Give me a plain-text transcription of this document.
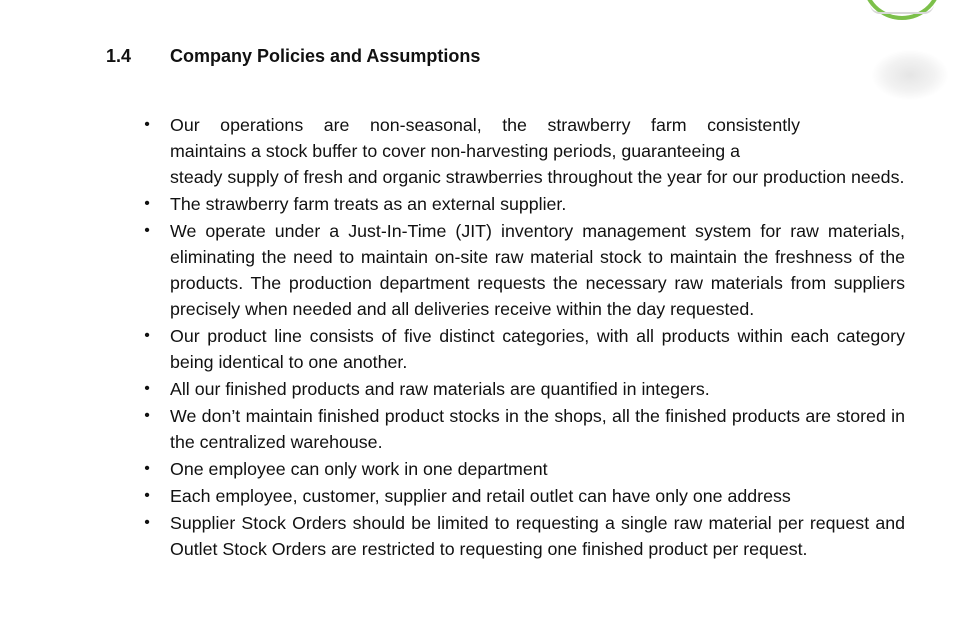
1.4 Company Policies and Assumptions
• Our operations are non-seasonal, the strawberry farm consistently
maintains a stock buffer to cover non-harvesting periods, guaranteeing a
steady supply of fresh and organic strawberries throughout the year for our production needs.
• The strawberry farm treats as an external supplier.
• We operate under a Just-In-Time (JIT) inventory management system for raw materials, eliminating the need to maintain on-site raw material stock to maintain the freshness of the products. The production department requests the necessary raw materials from suppliers precisely when needed and all deliveries receive within the day requested.
• Our product line consists of five distinct categories, with all products within each category being identical to one another.
• All our finished products and raw materials are quantified in integers.
• We don’t maintain finished product stocks in the shops, all the finished products are stored in the centralized warehouse.
• One employee can only work in one department
• Each employee, customer, supplier and retail outlet can have only one address
• Supplier Stock Orders should be limited to requesting a single raw material per request and Outlet Stock Orders are restricted to requesting one finished product per request.
